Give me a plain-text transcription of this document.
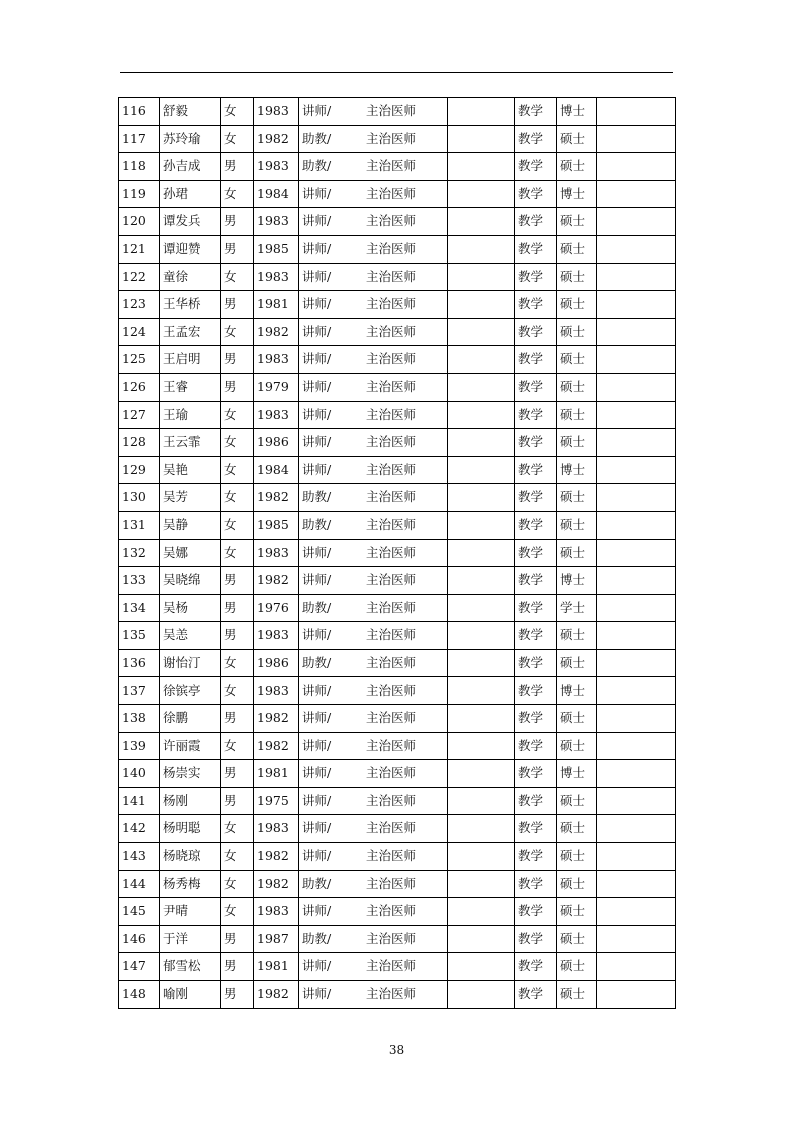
116	舒毅	女	1983	讲师/ 主治医师		教学	博士	
117	苏玲瑜	女	1982	助教/ 主治医师		教学	硕士	
118	孙吉成	男	1983	助教/ 主治医师		教学	硕士	
119	孙珺	女	1984	讲师/ 主治医师		教学	博士	
120	谭发兵	男	1983	讲师/ 主治医师		教学	硕士	
121	谭迎赞	男	1985	讲师/ 主治医师		教学	硕士	
122	童徐	女	1983	讲师/ 主治医师		教学	硕士	
123	王华桥	男	1981	讲师/ 主治医师		教学	硕士	
124	王孟宏	女	1982	讲师/ 主治医师		教学	硕士	
125	王启明	男	1983	讲师/ 主治医师		教学	硕士	
126	王睿	男	1979	讲师/ 主治医师		教学	硕士	
127	王瑜	女	1983	讲师/ 主治医师		教学	硕士	
128	王云霏	女	1986	讲师/ 主治医师		教学	硕士	
129	吴艳	女	1984	讲师/ 主治医师		教学	博士	
130	吴芳	女	1982	助教/ 主治医师		教学	硕士	
131	吴静	女	1985	助教/ 主治医师		教学	硕士	
132	吴娜	女	1983	讲师/ 主治医师		教学	硕士	
133	吴晓绵	男	1982	讲师/ 主治医师		教学	博士	
134	吴杨	男	1976	助教/ 主治医师		教学	学士	
135	吴恙	男	1983	讲师/ 主治医师		教学	硕士	
136	谢怡汀	女	1986	助教/ 主治医师		教学	硕士	
137	徐镔亭	女	1983	讲师/ 主治医师		教学	博士	
138	徐鹏	男	1982	讲师/ 主治医师		教学	硕士	
139	许丽霞	女	1982	讲师/ 主治医师		教学	硕士	
140	杨崇实	男	1981	讲师/ 主治医师		教学	博士	
141	杨刚	男	1975	讲师/ 主治医师		教学	硕士	
142	杨明聪	女	1983	讲师/ 主治医师		教学	硕士	
143	杨晓琼	女	1982	讲师/ 主治医师		教学	硕士	
144	杨秀梅	女	1982	助教/ 主治医师		教学	硕士	
145	尹晴	女	1983	讲师/ 主治医师		教学	硕士	
146	于洋	男	1987	助教/ 主治医师		教学	硕士	
147	郁雪松	男	1981	讲师/ 主治医师		教学	硕士	
148	喻刚	男	1982	讲师/ 主治医师		教学	硕士	
38
